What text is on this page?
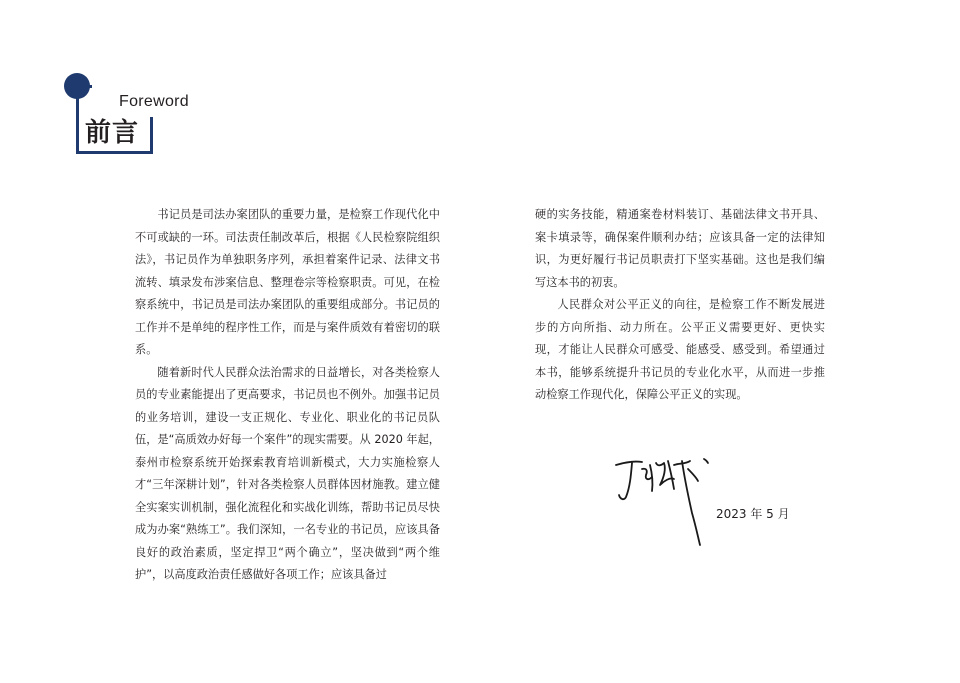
Foreword
前言

书记员是司法办案团队的重要力量，是检察工作现代化中不可或缺的一环。司法责任制改革后，根据《人民检察院组织法》，书记员作为单独职务序列，承担着案件记录、法律文书流转、填录发布涉案信息、整理卷宗等检察职责。可见，在检察系统中，书记员是司法办案团队的重要组成部分。书记员的工作并不是单纯的程序性工作，而是与案件质效有着密切的联系。

随着新时代人民群众法治需求的日益增长，对各类检察人员的专业素能提出了更高要求，书记员也不例外。加强书记员的业务培训，建设一支正规化、专业化、职业化的书记员队伍，是“高质效办好每一个案件”的现实需要。从 2020 年起，泰州市检察系统开始探索教育培训新模式，大力实施检察人才“三年深耕计划”，针对各类检察人员群体因材施教。建立健全实案实训机制，强化流程化和实战化训练，帮助书记员尽快成为办案“熟练工”。我们深知，一名专业的书记员，应该具备良好的政治素质，坚定捍卫“两个确立”，坚决做到“两个维护”，以高度政治责任感做好各项工作；应该具备过

硬的实务技能，精通案卷材料装订、基础法律文书开具、案卡填录等，确保案件顺利办结；应该具备一定的法律知识，为更好履行书记员职责打下坚实基础。这也是我们编写这本书的初衷。

人民群众对公平正义的向往，是检察工作不断发展进步的方向所指、动力所在。公平正义需要更好、更快实现，才能让人民群众可感受、能感受、感受到。希望通过本书，能够系统提升书记员的专业化水平，从而进一步推动检察工作现代化，保障公平正义的实现。

2023 年 5 月
